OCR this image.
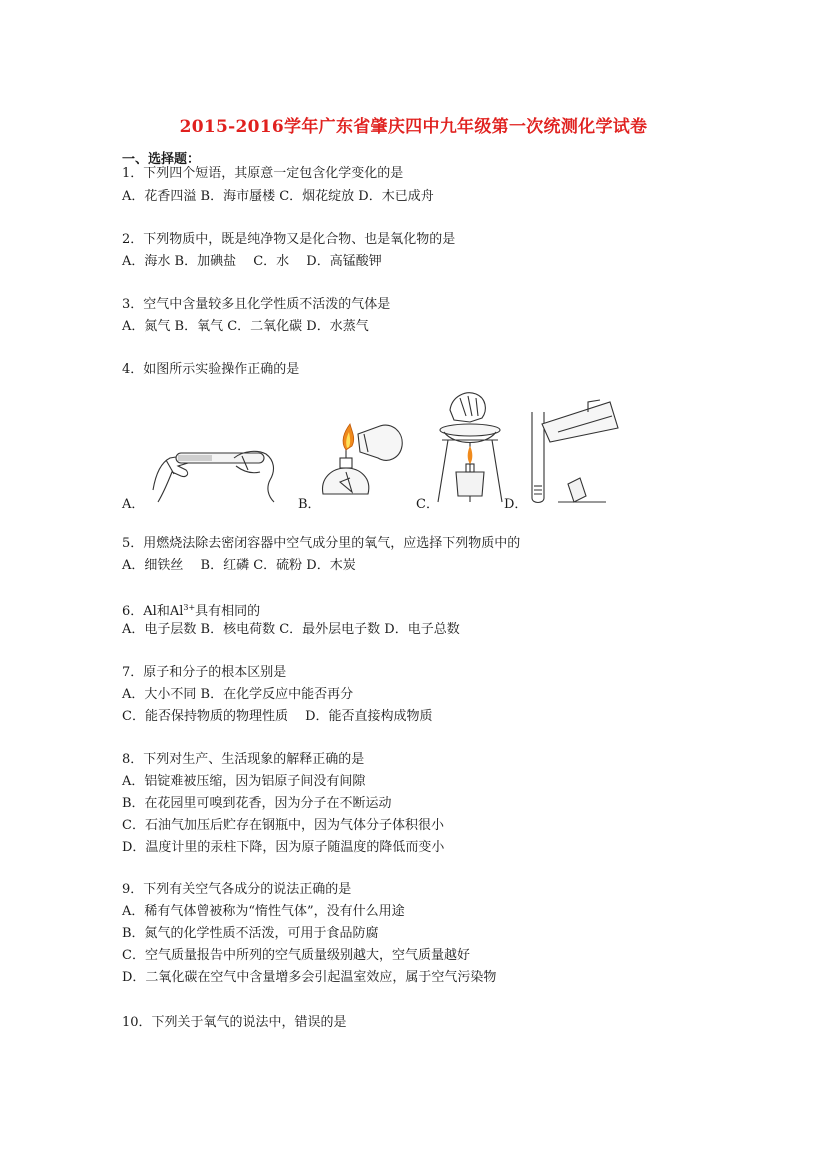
2015-2016学年广东省肇庆四中九年级第一次统测化学试卷
一、选择题：
1．下列四个短语，其原意一定包含化学变化的是
A．花香四溢 B．海市蜃楼 C．烟花绽放 D．木已成舟
2．下列物质中，既是纯净物又是化合物、也是氧化物的是
A．海水 B．加碘盐　 C．水　 D．高锰酸钾
3．空气中含量较多且化学性质不活泼的气体是
A．氮气 B．氧气 C．二氧化碳 D．水蒸气
4．如图所示实验操作正确的是
A．	B．	C．	D．
5．用燃烧法除去密闭容器中空气成分里的氧气，应选择下列物质中的
A．细铁丝　 B．红磷 C．硫粉 D．木炭
6．Al和$Al^{3+}$具有相同的
A．电子层数 B．核电荷数 C．最外层电子数 D．电子总数
7．原子和分子的根本区别是
A．大小不同 B．在化学反应中能否再分
C．能否保持物质的物理性质　 D．能否直接构成物质
8．下列对生产、生活现象的解释正确的是
A．铝锭难被压缩，因为铝原子间没有间隙
B．在花园里可嗅到花香，因为分子在不断运动
C．石油气加压后贮存在钢瓶中，因为气体分子体积很小
D．温度计里的汞柱下降，因为原子随温度的降低而变小
9．下列有关空气各成分的说法正确的是
A．稀有气体曾被称为“惰性气体”，没有什么用途
B．氮气的化学性质不活泼，可用于食品防腐
C．空气质量报告中所列的空气质量级别越大，空气质量越好
D．二氧化碳在空气中含量增多会引起温室效应，属于空气污染物
10．下列关于氧气的说法中，错误的是
